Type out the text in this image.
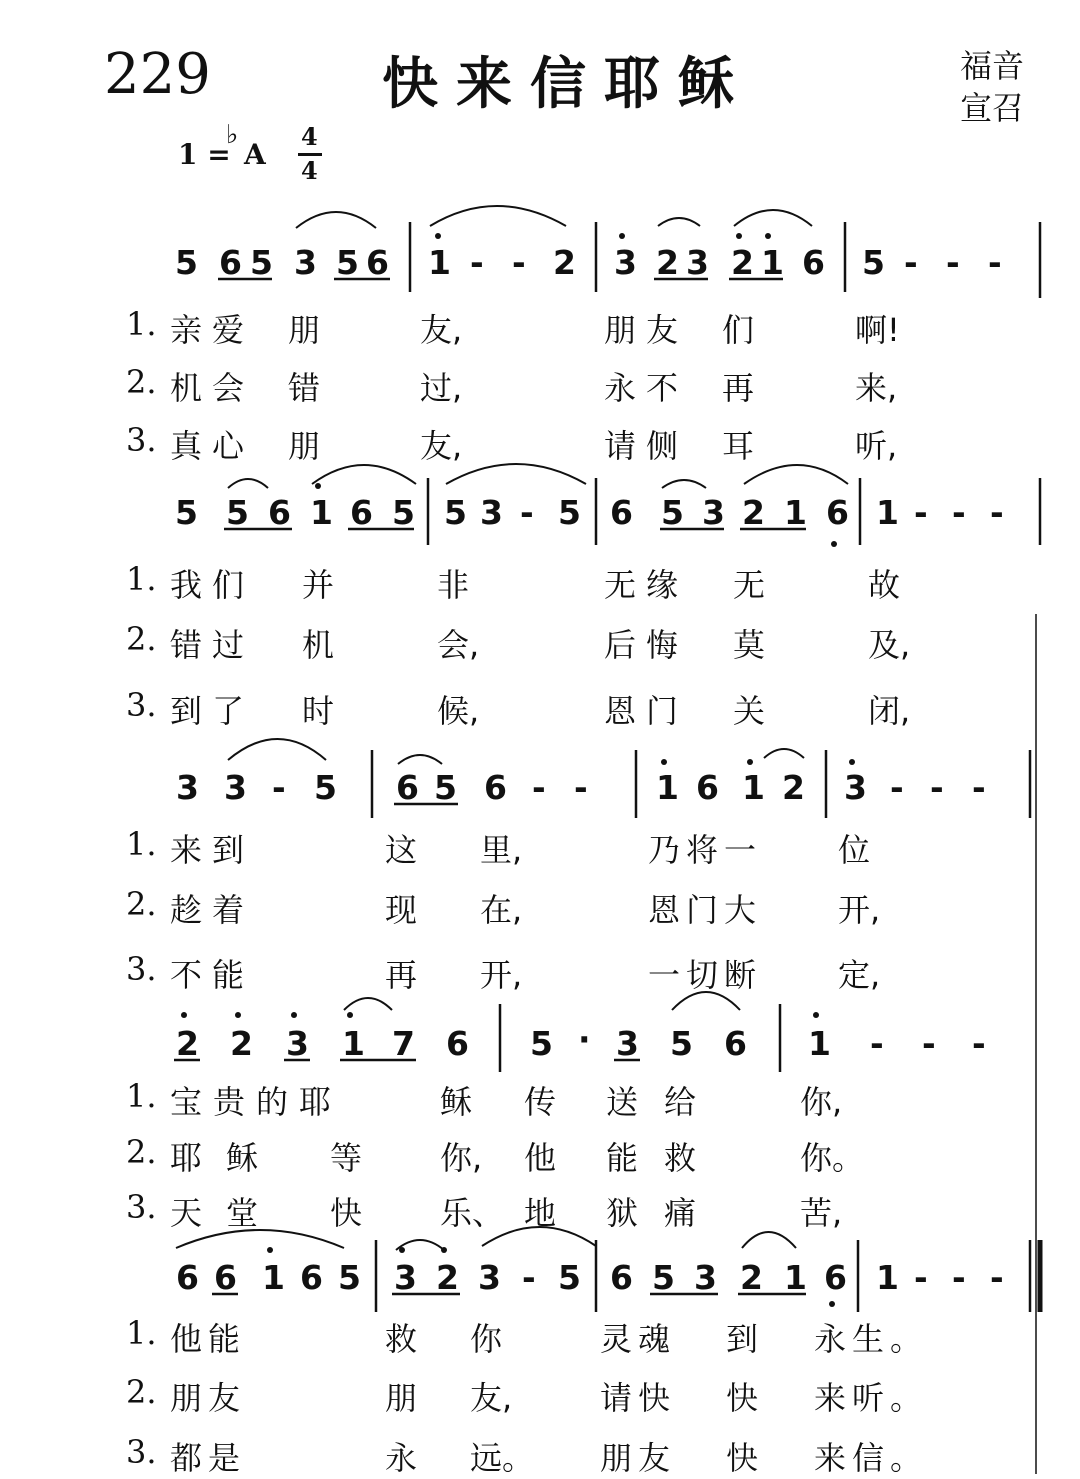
229	快来信耶稣	福音
宣召
1 =
♭
A
4
4
5 6 5 3 5 6 1 - - 2 3 2 3 2 1 6 5 - - -
1. 亲爱 朋	友,	朋友 们	啊!
2. 机会 错	过,	永不 再	来,
3. 真心 朋	友,	请侧 耳	听,
5 5 6 1 6 5 5 3 - 5 6 5 3 2 1 6 1 - - -
1. 我们 并	非	无缘 无	故
2. 错过 机	会,	后悔 莫	及,
3. 到了 时	候,	恩门 关	闭,
3 3 - 5 6 5 6 - - 1 6 1 2 3 - - -
1. 来到	这 里,	乃将一 位
2. 趁着	现 在,	恩门大 开,
3. 不能	再 开,	一切断 定,
2 2 3 1 7 6 5 · 3 5 6 1 - - -
1. 宝贵的耶	稣 传 送 给	你,
2. 耶稣 等 你, 他 能 救	你。
3. 天堂 快 乐、 地 狱 痛	苦,
6 6 1 6 5 3 2 3 - 5 6 5 3 2 1 6 1 - - -
1. 他能	救 你	灵魂 到 永生。
2. 朋友	朋 友,	请快 快 来听。
3. 都是	永 远。 朋友 快 来信。
